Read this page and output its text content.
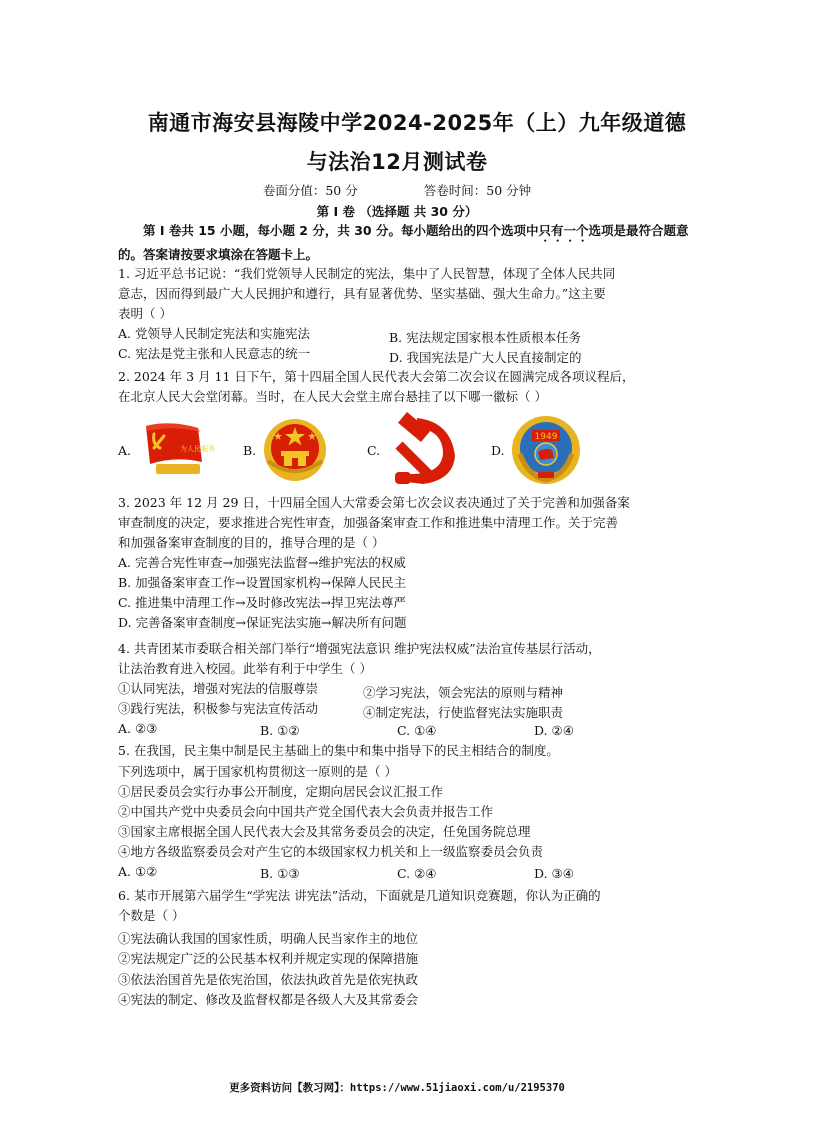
南通市海安县海陵中学2024-2025年（上）九年级道德
与法治12月测试卷
卷面分值：50 分	答卷时间：50 分钟
第 I 卷 （选择题 共 30 分）
第 I 卷共 15 小题，每小题 2 分，共 30 分。每小题给出的四个选项中只有一个选项是最符合题意的。答案请按要求填涂在答题卡上。
1. 习近平总书记说：“我们党领导人民制定的宪法，集中了人民智慧，体现了全体人民共同
意志，因而得到最广大人民拥护和遵行，具有显著优势、坚实基础、强大生命力。”这主要
表明（ ）
A. 党领导人民制定宪法和实施宪法	B. 宪法规定国家根本性质根本任务
C. 宪法是党主张和人民意志的统一	D. 我国宪法是广大人民直接制定的
2. 2024 年 3 月 11 日下午，第十四届全国人民代表大会第二次会议在圆满完成各项议程后，
在北京人民大会堂闭幕。当时，在人民大会堂主席台悬挂了以下哪一徽标（ ）
A.	为人民服务 B.	C.	D.
1949
3. 2023 年 12 月 29 日，十四届全国人大常委会第七次会议表决通过了关于完善和加强备案
审查制度的决定，要求推进合宪性审查，加强备案审查工作和推进集中清理工作。关于完善
和加强备案审查制度的目的，推导合理的是（ ）
A. 完善合宪性审查→加强宪法监督→维护宪法的权威
B. 加强备案审查工作→设置国家机构→保障人民民主
C. 推进集中清理工作→及时修改宪法→捍卫宪法尊严
D. 完善备案审查制度→保证宪法实施→解决所有问题
4. 共青团某市委联合相关部门举行“增强宪法意识 维护宪法权威”法治宣传基层行活动，
让法治教育进入校园。此举有利于中学生（ ）
①认同宪法，增强对宪法的信服尊崇	②学习宪法，领会宪法的原则与精神
③践行宪法，积极参与宪法宣传活动	④制定宪法，行使监督宪法实施职责
A. ②③	B. ①②	C. ①④	D. ②④
5. 在我国，民主集中制是民主基础上的集中和集中指导下的民主相结合的制度。
下列选项中，属于国家机构贯彻这一原则的是（ ）
①居民委员会实行办事公开制度，定期向居民会议汇报工作
②中国共产党中央委员会向中国共产党全国代表大会负责并报告工作
③国家主席根据全国人民代表大会及其常务委员会的决定，任免国务院总理
④地方各级监察委员会对产生它的本级国家权力机关和上一级监察委员会负责
A. ①②	B. ①③	C. ②④	D. ③④
6. 某市开展第六届学生“学宪法 讲宪法”活动，下面就是几道知识竞赛题，你认为正确的
个数是（ ）
①宪法确认我国的国家性质，明确人民当家作主的地位
②宪法规定广泛的公民基本权利并规定实现的保障措施
③依法治国首先是依宪治国，依法执政首先是依宪执政
④宪法的制定、修改及监督权都是各级人大及其常委会
更多资料访问【教习网】：https://www.51jiaoxi.com/u/2195370
